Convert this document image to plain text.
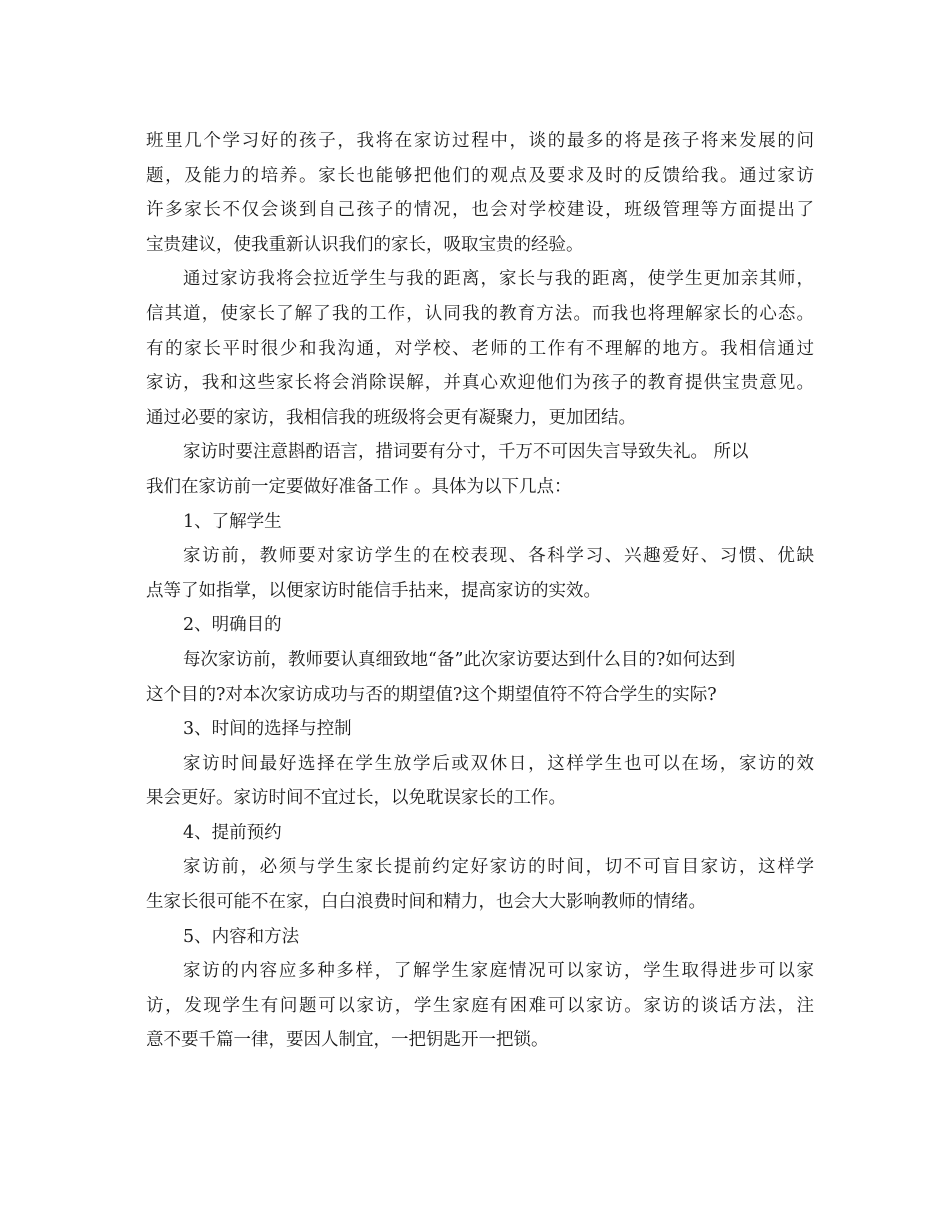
班里几个学习好的孩子，我将在家访过程中，谈的最多的将是孩子将来发展的问
题，及能力的培养。家长也能够把他们的观点及要求及时的反馈给我。通过家访
许多家长不仅会谈到自己孩子的情况，也会对学校建设，班级管理等方面提出了
宝贵建议，使我重新认识我们的家长，吸取宝贵的经验。
通过家访我将会拉近学生与我的距离，家长与我的距离，使学生更加亲其师，
信其道，使家长了解了我的工作，认同我的教育方法。而我也将理解家长的心态。
有的家长平时很少和我沟通，对学校、老师的工作有不理解的地方。我相信通过
家访，我和这些家长将会消除误解，并真心欢迎他们为孩子的教育提供宝贵意见。
通过必要的家访，我相信我的班级将会更有凝聚力，更加团结。
家访时要注意斟酌语言，措词要有分寸，千万不可因失言导致失礼。 所以
我们在家访前一定要做好准备工作 。具体为以下几点：
1、了解学生
家访前，教师要对家访学生的在校表现、各科学习、兴趣爱好、习惯、优缺
点等了如指掌，以便家访时能信手拈来，提高家访的实效。
2、明确目的
每次家访前，教师要认真细致地“备”此次家访要达到什么目的?如何达到
这个目的?对本次家访成功与否的期望值?这个期望值符不符合学生的实际?
3、时间的选择与控制
家访时间最好选择在学生放学后或双休日，这样学生也可以在场，家访的效
果会更好。家访时间不宜过长，以免耽误家长的工作。
4、提前预约
家访前，必须与学生家长提前约定好家访的时间，切不可盲目家访，这样学
生家长很可能不在家，白白浪费时间和精力，也会大大影响教师的情绪。
5、内容和方法
家访的内容应多种多样，了解学生家庭情况可以家访，学生取得进步可以家
访，发现学生有问题可以家访，学生家庭有困难可以家访。家访的谈话方法，注
意不要千篇一律，要因人制宜，一把钥匙开一把锁。
